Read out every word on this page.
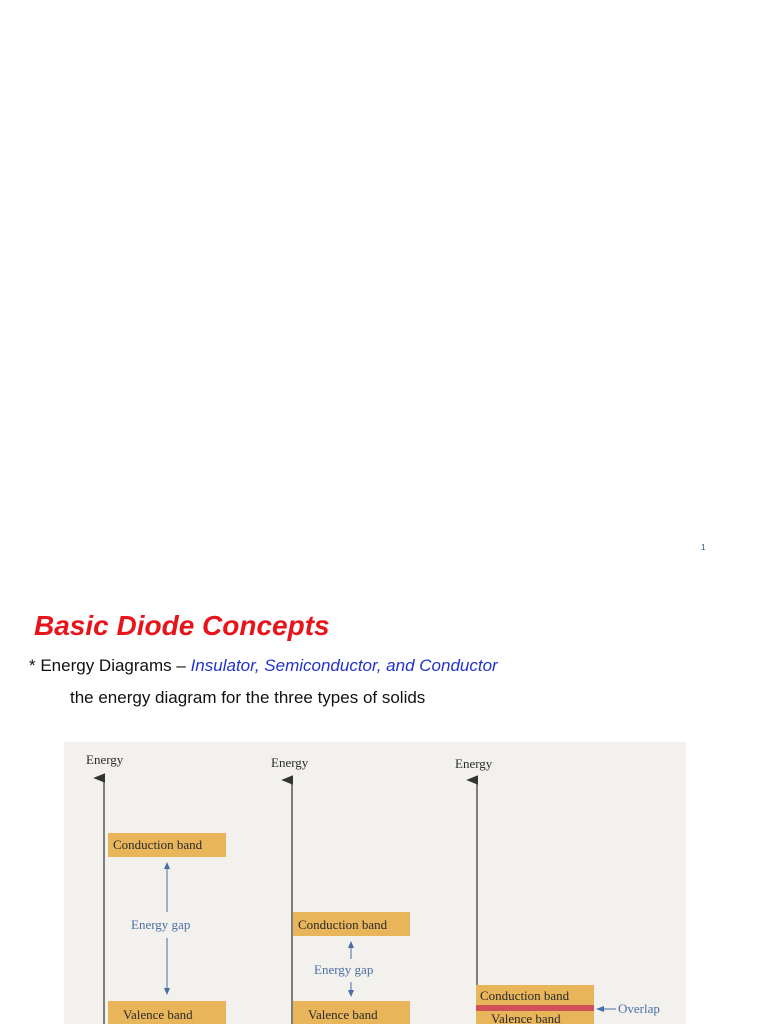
1
Basic Diode Concepts
* Energy Diagrams – Insulator, Semiconductor, and Conductor
the energy diagram for the three types of solids
Energy
Conduction band
Energy gap
Valence band
Energy
Conduction band
Energy gap
Valence band
Energy
Conduction band
Valence band
Overlap
